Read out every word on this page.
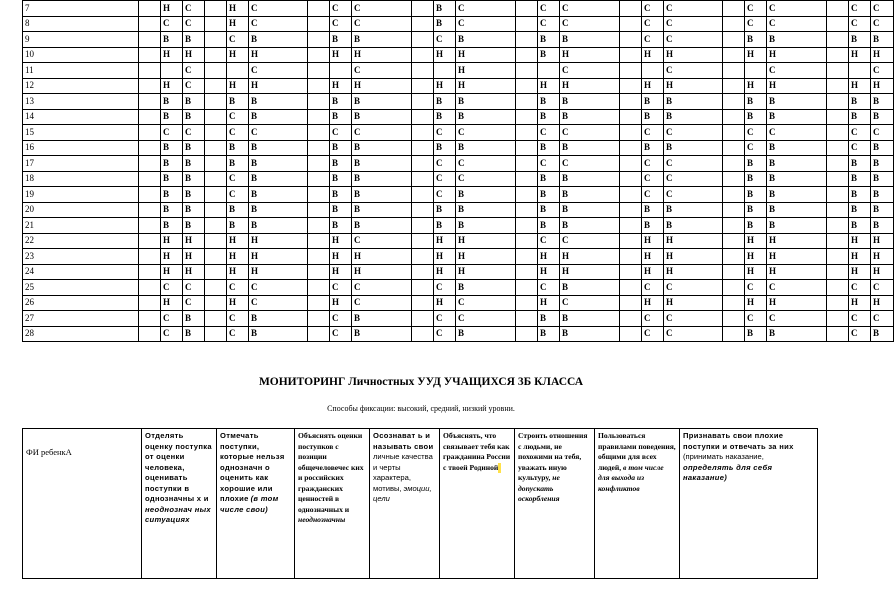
7		Н	С		Н	С		С	С		В	С		С	С		С	С		С	С		С	С
8		С	С		Н	С		С	С		В	С		С	С		С	С		С	С		С	С
9		В	В		С	В		В	В		С	В		В	В		С	С		В	В		В	В
10		Н	Н		Н	Н		Н	Н		Н	Н		В	Н		Н	Н		Н	Н		Н	Н
11			С			С			С			Н			С			С			С			С
12		Н	С		Н	Н		Н	Н		Н	Н		Н	Н		Н	Н		Н	Н		Н	Н
13		В	В		В	В		В	В		В	В		В	В		В	В		В	В		В	В
14		В	В		С	В		В	В		В	В		В	В		В	В		В	В		В	В
15		С	С		С	С		С	С		С	С		С	С		С	С		С	С		С	С
16		В	В		В	В		В	В		В	В		В	В		В	В		С	В		С	В
17		В	В		В	В		В	В		С	С		С	С		С	С		В	В		В	В
18		В	В		С	В		В	В		С	С		В	В		С	С		В	В		В	В
19		В	В		С	В		В	В		С	В		В	В		С	С		В	В		В	В
20		В	В		В	В		В	В		В	В		В	В		В	В		В	В		В	В
21		В	В		В	В		В	В		В	В		В	В		В	В		В	В		В	В
22		Н	Н		Н	Н		Н	С		Н	Н		С	С		Н	Н		Н	Н		Н	Н
23		Н	Н		Н	Н		Н	Н		Н	Н		Н	Н		Н	Н		Н	Н		Н	Н
24		Н	Н		Н	Н		Н	Н		Н	Н		Н	Н		Н	Н		Н	Н		Н	Н
25		С	С		С	С		С	С		С	В		С	В		С	С		С	С		С	С
26		Н	С		Н	С		Н	С		Н	С		Н	С		Н	Н		Н	Н		Н	Н
27		С	В		С	В		С	В		С	С		В	В		С	С		С	С		С	С
28		С	В		С	В		С	В		С	В		В	В		С	С		В	В		С	В
МОНИТОРИНГ Личностных УУД УЧАЩИХСЯ 3Б КЛАССА
Способы фиксации: высокий, средний, низкий уровни.
ФИ ребенкА	Отделять оценку поступка от оценки человека, оценивать поступки в однозначны х и неоднознач ных ситуациях	Отмечать поступки, которые нельзя однозначн о оценить как хорошие или плохие (в том числе свои)	Объяснять оценки поступков с позиции общечеловечес ких и российских гражданских ценностей в однозначных и неоднозначны	Осознават ь и называть свои личные качества и черты характера, мотивы, эмоции, цели	Объяснять, что связывает тебя как гражданина России с твоей Родиной	Строить отношения с людьми, не похожими на тебя, уважать иную культуру, не допускать оскорбления	Пользоваться правилами поведения, общими для всех людей, в том числе для выхода из конфликтов	Признавать свои плохие поступки и отвечать за них (принимать наказание, определять для себя наказание)
